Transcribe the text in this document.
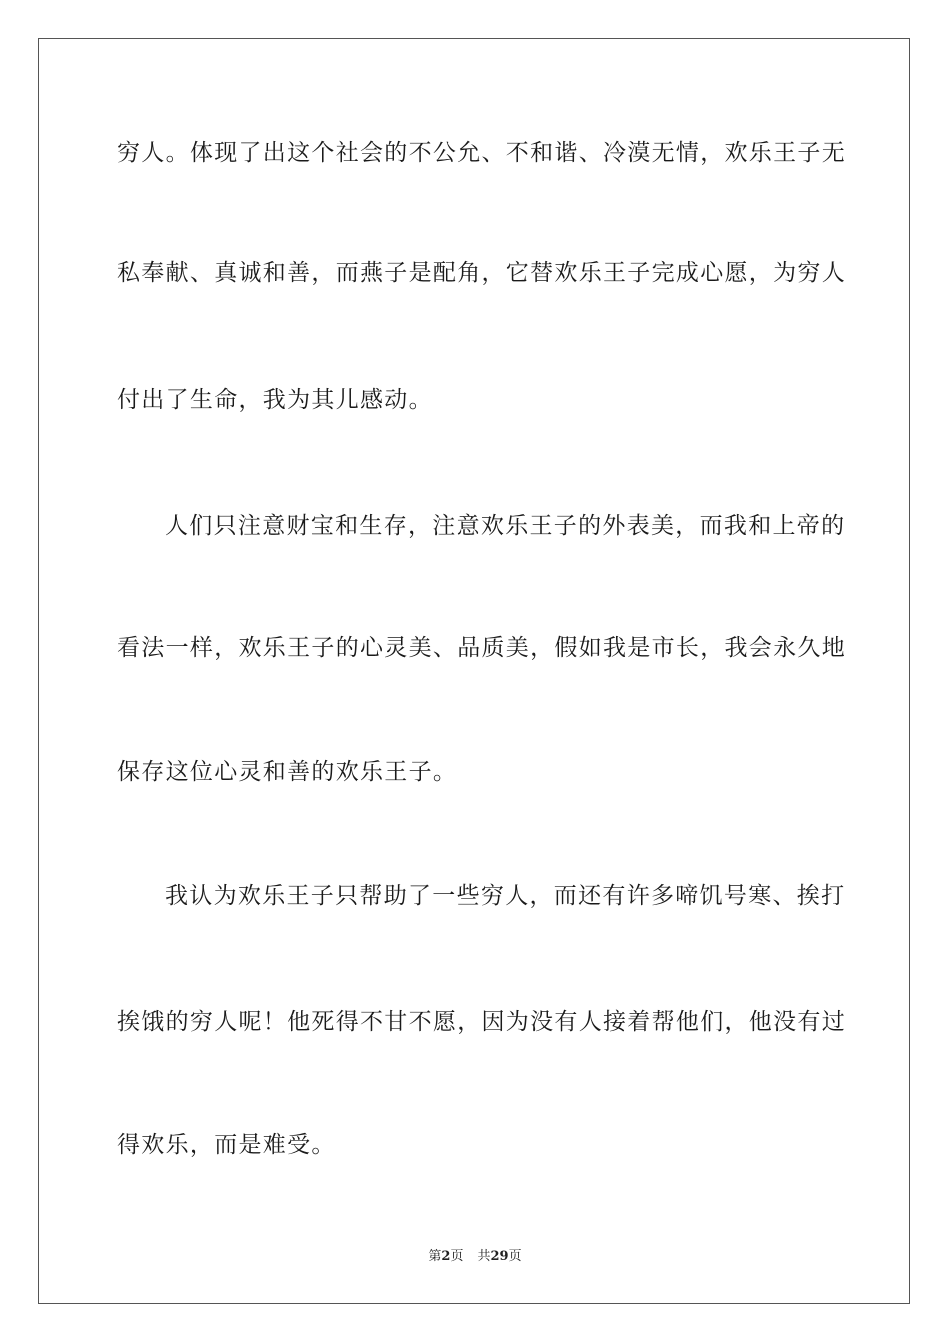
穷人。体现了出这个社会的不公允、不和谐、冷漠无情，欢乐王子无
私奉献、真诚和善，而燕子是配角，它替欢乐王子完成心愿，为穷人
付出了生命，我为其儿感动。
人们只注意财宝和生存，注意欢乐王子的外表美，而我和上帝的
看法一样，欢乐王子的心灵美、品质美，假如我是市长，我会永久地
保存这位心灵和善的欢乐王子。
我认为欢乐王子只帮助了一些穷人，而还有许多啼饥号寒、挨打
挨饿的穷人呢！他死得不甘不愿，因为没有人接着帮他们，他没有过
得欢乐，而是难受。
第2页 共29页
